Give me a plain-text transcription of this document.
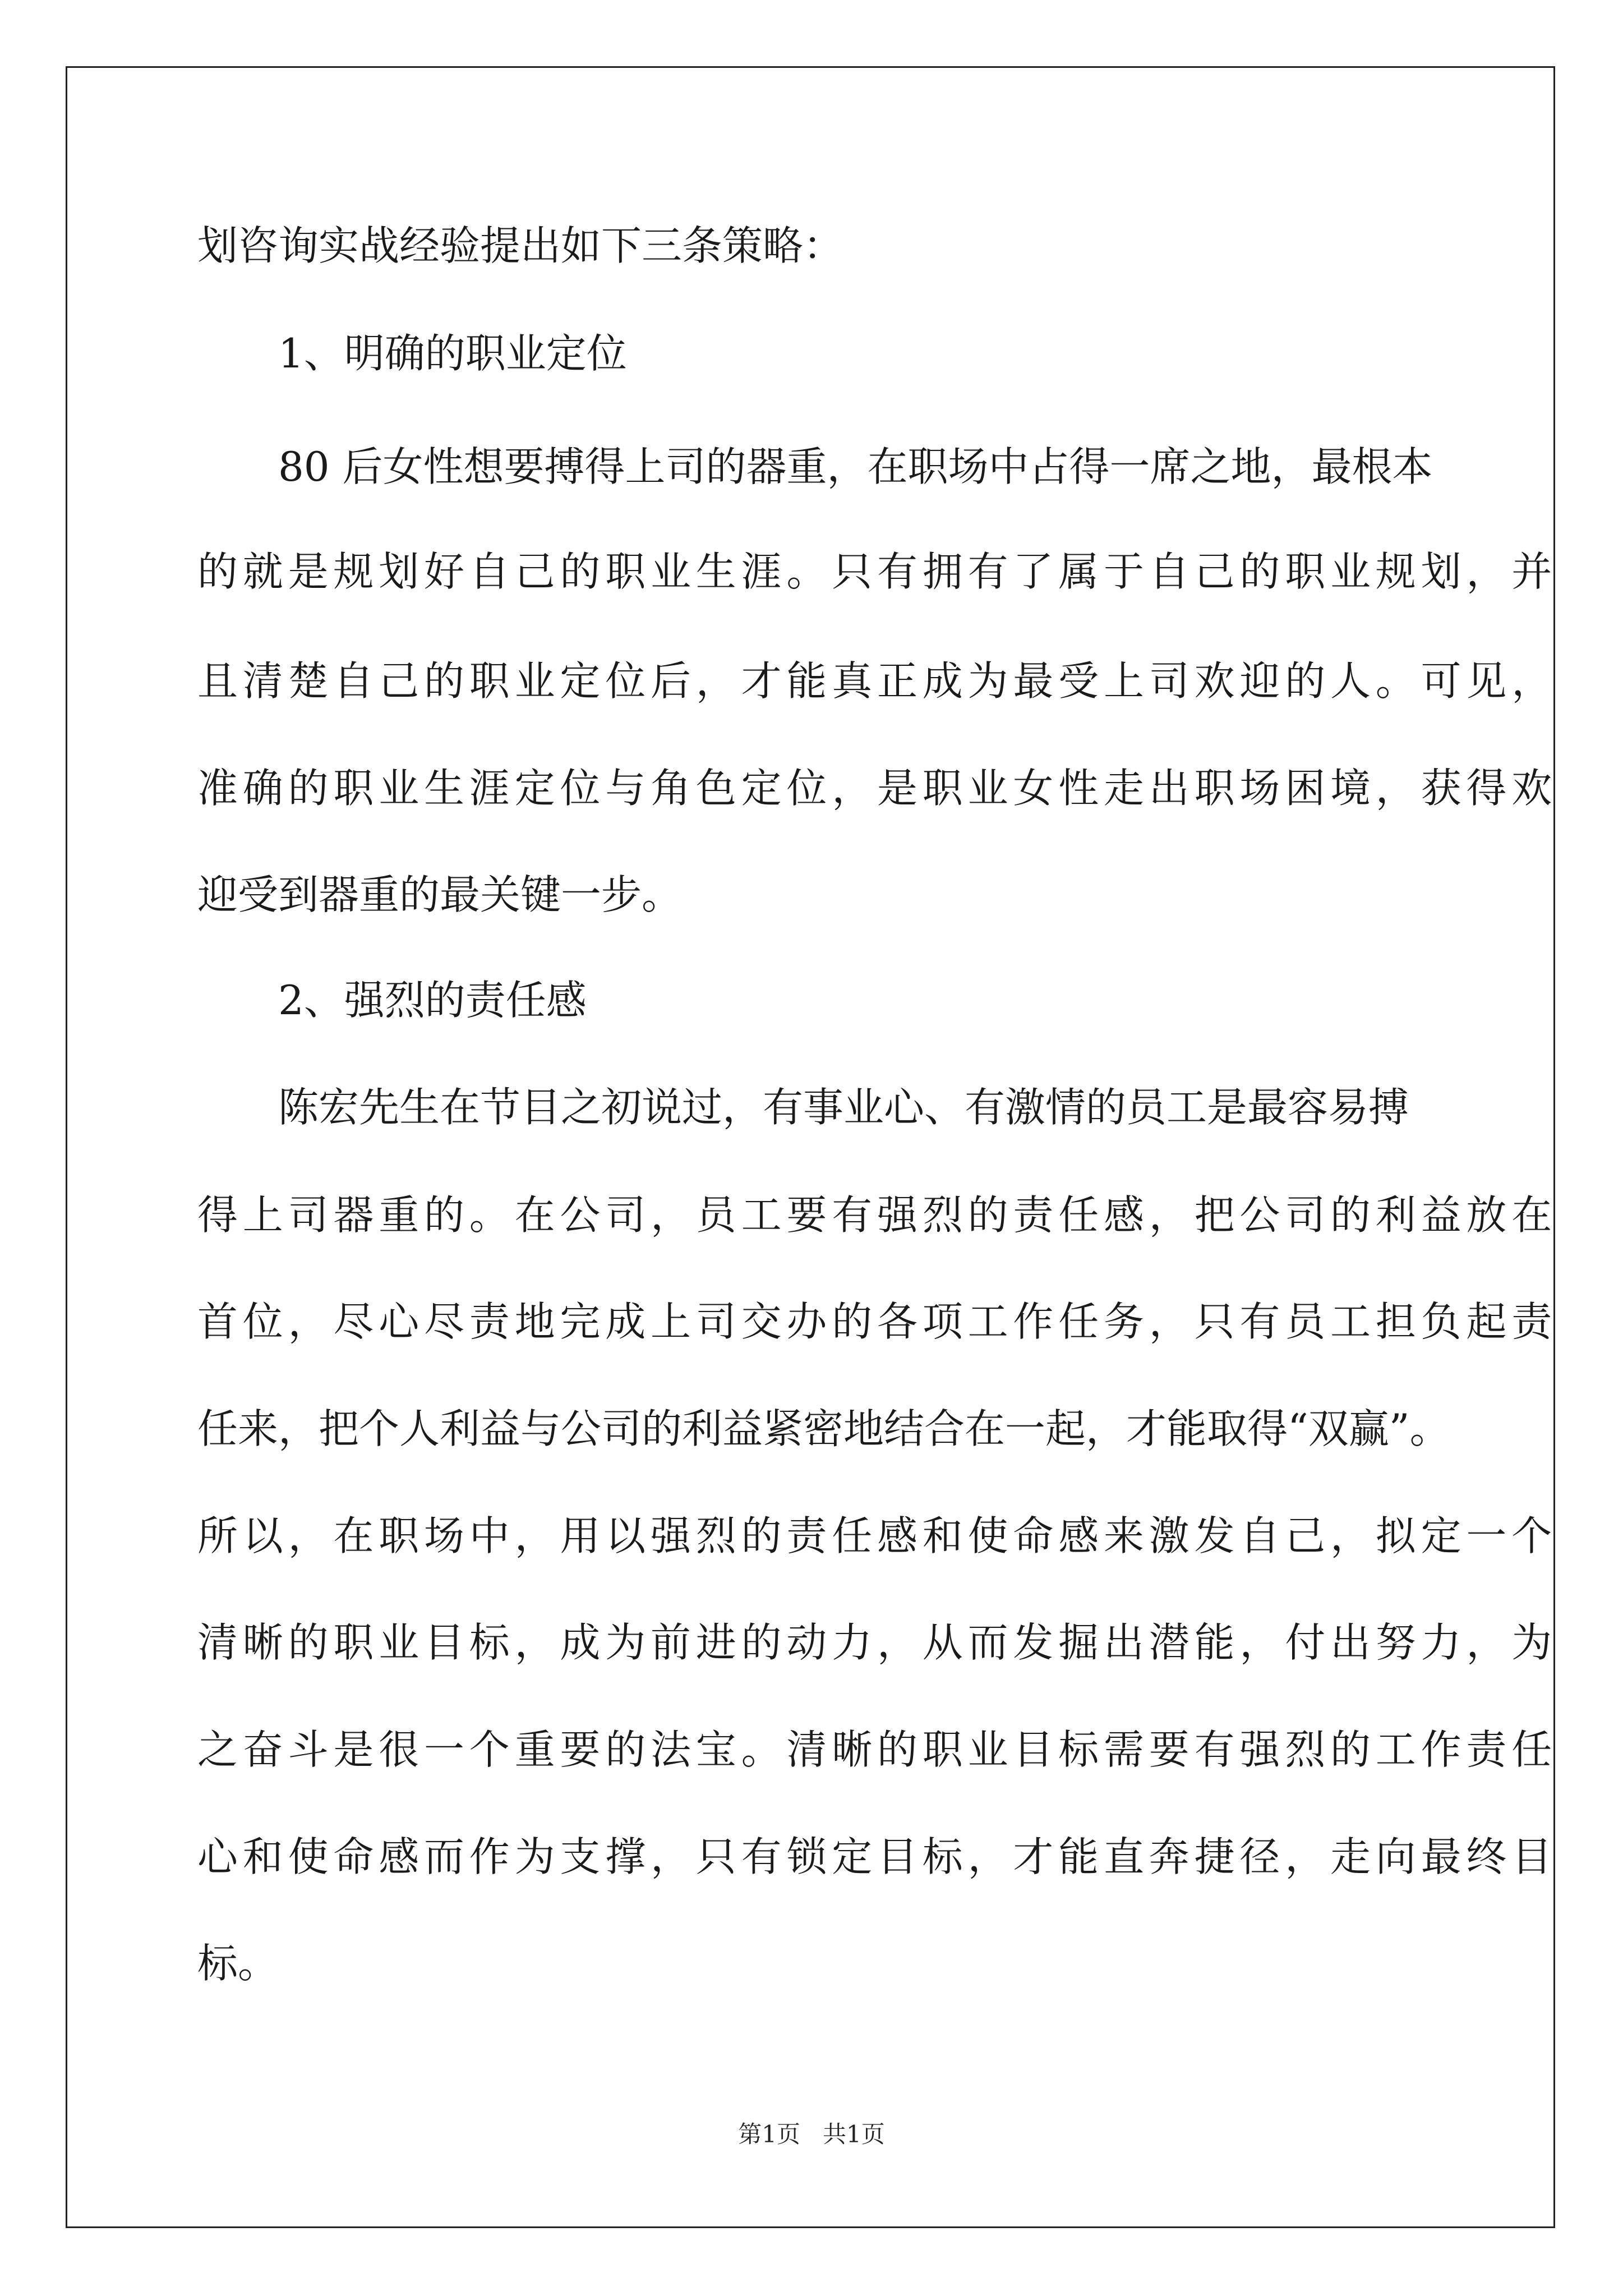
划咨询实战经验提出如下三条策略：
1、明确的职业定位
80 后女性想要搏得上司的器重，在职场中占得一席之地，最根本
的就是规划好自己的职业生涯。只有拥有了属于自己的职业规划，并
且清楚自己的职业定位后，才能真正成为最受上司欢迎的人。可见，
准确的职业生涯定位与角色定位，是职业女性走出职场困境，获得欢
迎受到器重的最关键一步。
2、强烈的责任感
陈宏先生在节目之初说过，有事业心、有激情的员工是最容易搏
得上司器重的。在公司，员工要有强烈的责任感，把公司的利益放在
首位，尽心尽责地完成上司交办的各项工作任务，只有员工担负起责
任来，把个人利益与公司的利益紧密地结合在一起，才能取得“双赢”。
所以，在职场中，用以强烈的责任感和使命感来激发自己，拟定一个
清晰的职业目标，成为前进的动力，从而发掘出潜能，付出努力，为
之奋斗是很一个重要的法宝。清晰的职业目标需要有强烈的工作责任
心和使命感而作为支撑，只有锁定目标，才能直奔捷径，走向最终目
标。
第1页   共1页
